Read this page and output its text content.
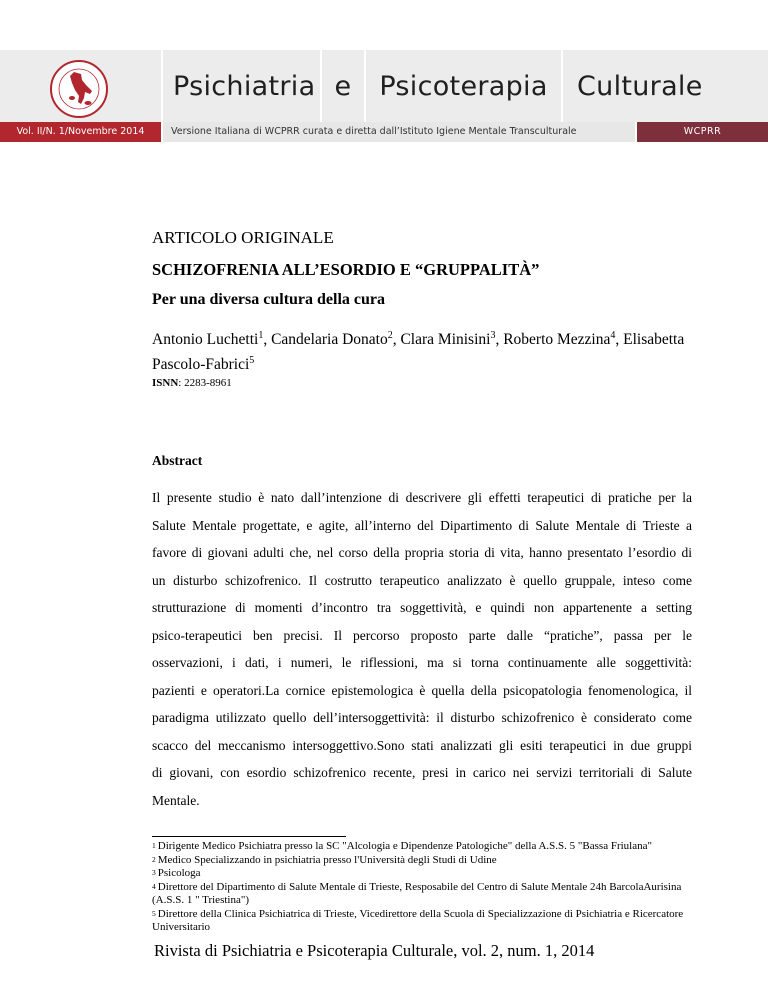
Psichiatria e	Psicoterapia	Culturale
Vol. II/N. 1/Novembre 2014	Versione Italiana di WCPRR curata e diretta dall’Istituto Igiene Mentale Transculturale	WCPRR
ARTICOLO ORIGINALE
SCHIZOFRENIA ALL’ESORDIO E “GRUPPALITÀ”
Per una diversa cultura della cura
Antonio Luchetti$^1$, Candelaria Donato$^2$, Clara Minisini$^3$, Roberto Mezzina$^4$, Elisabetta Pascolo-Fabrici$^5$
ISNN: 2283-8961
Abstract
Il presente studio è nato dall’intenzione di descrivere gli effetti terapeutici di pratiche per la
Salute Mentale progettate, e agite, all’interno del Dipartimento di Salute Mentale di Trieste a
favore di giovani adulti che, nel corso della propria storia di vita, hanno presentato l’esordio di
un disturbo schizofrenico. Il costrutto terapeutico analizzato è quello gruppale, inteso come
strutturazione di momenti d’incontro tra soggettività, e quindi non appartenente a setting
psico-terapeutici ben precisi. Il percorso proposto parte dalle “pratiche”, passa per le
osservazioni, i dati, i numeri, le riflessioni, ma si torna continuamente alle soggettività:
pazienti e operatori.La cornice epistemologica è quella della psicopatologia fenomenologica, il
paradigma utilizzato quello dell’intersoggettività: il disturbo schizofrenico è considerato come
scacco del meccanismo intersoggettivo.Sono stati analizzati gli esiti terapeutici in due gruppi
di giovani, con esordio schizofrenico recente, presi in carico nei servizi territoriali di Salute
Mentale.
$^1$ Dirigente Medico Psichiatra presso la SC "Alcologia e Dipendenze Patologiche" della A.S.S. 5 "Bassa Friulana"
$^2$ Medico Specializzando in psichiatria presso l'Università degli Studi di Udine
$^3$ Psicologa
$^4$ Direttore del Dipartimento di Salute Mentale di Trieste, Resposabile del Centro di Salute Mentale 24h BarcolaAurisina (A.S.S. 1 " Triestina")
$^5$ Direttore della Clinica Psichiatrica di Trieste, Vicedirettore della Scuola di Specializzazione di Psichiatria e Ricercatore Universitario
Rivista di Psichiatria e Psicoterapia Culturale, vol. 2, num. 1, 2014
